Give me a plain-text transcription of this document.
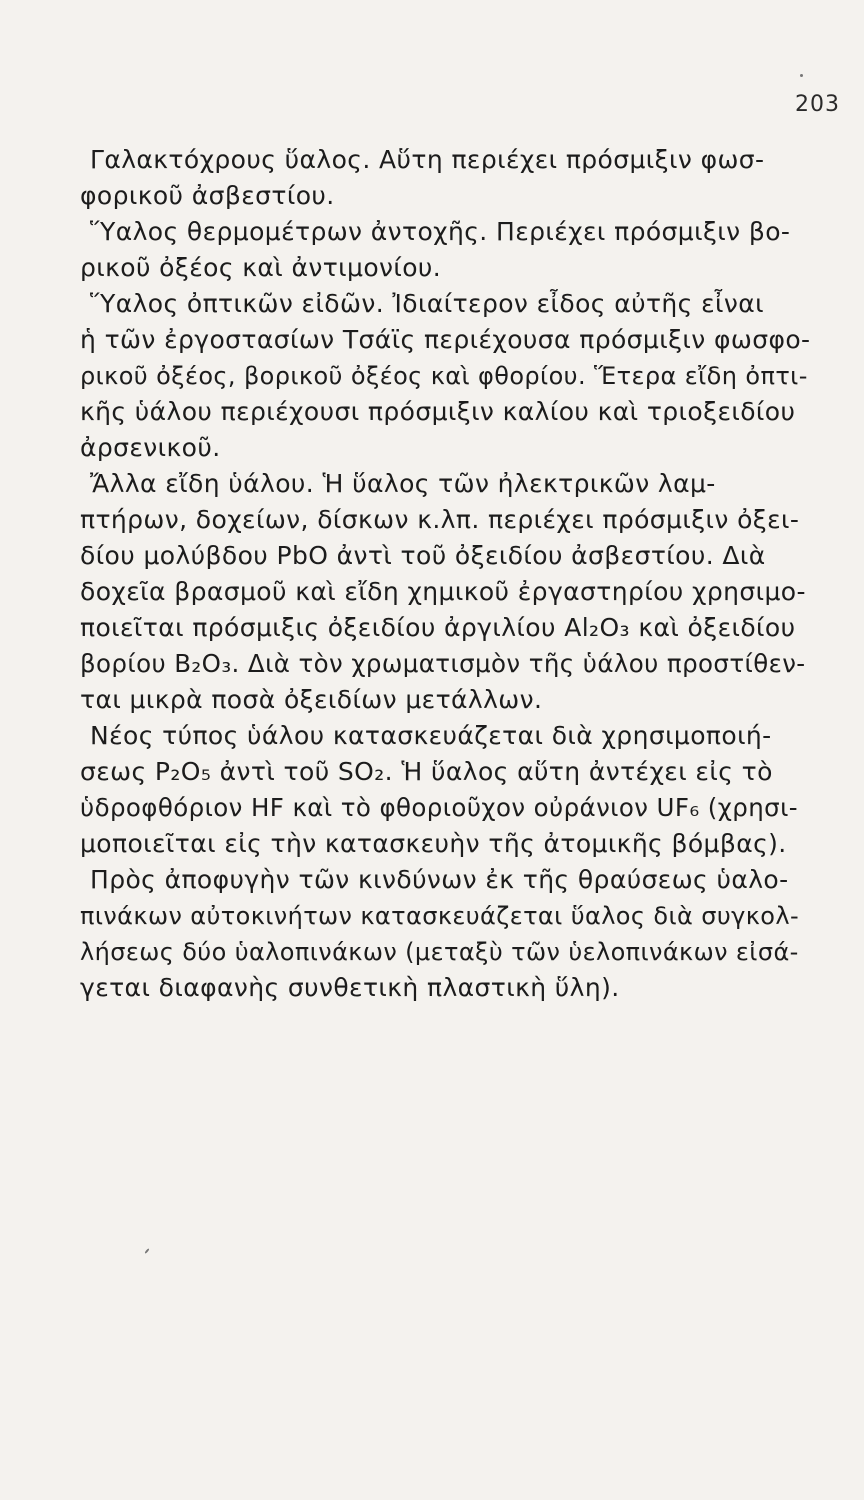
203
Γαλακτόχρους ὕαλος. Αὕτη περιέχει πρόσμιξιν φωσ-
φορικοῦ ἀσβεστίου.
Ὕαλος θερμομέτρων ἀντοχῆς. Περιέχει πρόσμιξιν βο-
ρικοῦ ὀξέος καὶ ἀντιμονίου.
Ὕαλος ὀπτικῶν εἰδῶν. Ἰδιαίτερον εἶδος αὐτῆς εἶναι
ἡ τῶν ἐργοστασίων Τσάϊς περιέχουσα πρόσμιξιν φωσφο-
ρικοῦ ὀξέος, βορικοῦ ὀξέος καὶ φθορίου. Ἕτερα εἴδη ὀπτι-
κῆς ὑάλου περιέχουσι πρόσμιξιν καλίου καὶ τριοξειδίου
ἀρσενικοῦ.
Ἄλλα εἴδη ὑάλου. Ἡ ὕαλος τῶν ἠλεκτρικῶν λαμ-
πτήρων, δοχείων, δίσκων κ.λπ. περιέχει πρόσμιξιν ὀξει-
δίου μολύβδου PbO ἀντὶ τοῦ ὀξειδίου ἀσβεστίου. Διὰ
δοχεῖα βρασμοῦ καὶ εἴδη χημικοῦ ἐργαστηρίου χρησιμο-
ποιεῖται πρόσμιξις ὀξειδίου ἀργιλίου Al₂O₃ καὶ ὀξειδίου
βορίου B₂O₃. Διὰ τὸν χρωματισμὸν τῆς ὑάλου προστίθεν-
ται μικρὰ ποσὰ ὀξειδίων μετάλλων.
Νέος τύπος ὑάλου κατασκευάζεται διὰ χρησιμοποιή-
σεως P₂O₅ ἀντὶ τοῦ SO₂. Ἡ ὕαλος αὕτη ἀντέχει εἰς τὸ
ὑδροφθόριον HF καὶ τὸ φθοριοῦχον οὐράνιον UF₆ (χρησι-
μοποιεῖται εἰς τὴν κατασκευὴν τῆς ἀτομικῆς βόμβας).
Πρὸς ἀποφυγὴν τῶν κινδύνων ἐκ τῆς θραύσεως ὑαλο-
πινάκων αὐτοκινήτων κατασκευάζεται ὕαλος διὰ συγκολ-
λήσεως δύο ὑαλοπινάκων (μεταξὺ τῶν ὑελοπινάκων εἰσά-
γεται διαφανὴς συνθετικὴ πλαστικὴ ὕλη).
